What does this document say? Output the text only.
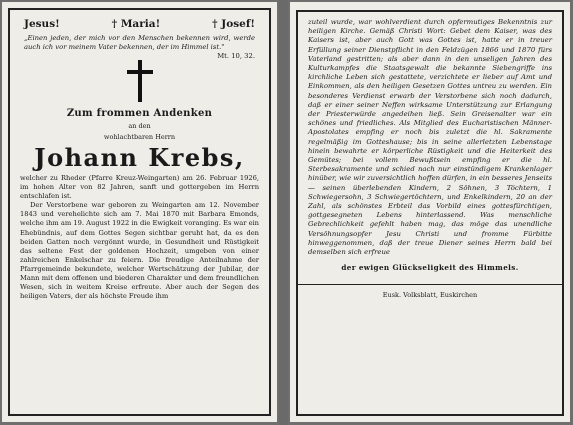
Jesus!	† Maria!	† Josef!
„Einen jeden, der mich vor den Menschen bekennen wird, werde auch ich vor meinem Vater bekennen, der im Himmel ist."
Mt. 10, 32.
Zum frommen Andenken
an den
wohlachtbaren Herrn
Johann Krebs,

welcher zu Rheder (Pfarre Kreuz-Weingarten) am 26. Februar 1926, im hohen Alter von 82 Jahren, sanft und gottergeben im Herrn entschlafen ist.

Der Verstorbene war geboren zu Weingarten am 12. November 1843 und verehelichte sich am 7. Mai 1870 mit Barbara Emonds, welche ihm am 19. August 1922 in die Ewigkeit voranging. Es war ein Ehebündnis, auf dem Gottes Segen sichtbar geruht hat, da es den beiden Gatten noch vergönnt wurde, in Gesundheit und Rüstigkeit das seltene Fest der goldenen Hochzeit, umgeben von einer zahlreichen Enkelschar zu feiern. Die freudige Anteilnahme der Pfarrgemeinde bekundete, welcher Wertschätzung der Jubilar, der Mann mit dem offenen und biederen Charakter und dem freundlichen Wesen, sich in weitem Kreise erfreute. Aber auch der Segen des heiligen Vaters, der als höchste Freude ihm

zuteil wurde, war wohlverdient durch opfermutiges Bekenntnis zur heiligen Kirche. Gemäß Christi Wort: Gebet dem Kaiser, was des Kaisers ist, aber auch Gott was Gottes ist, hatte er in treuer Erfüllung seiner Dienstpflicht in den Feldzügen 1866 und 1870 fürs Vaterland gestritten; als aber dann in den unseligen Jahren des Kulturkampfes die Staatsgewalt die bekannte Siebengriffe ins kirchliche Leben sich gestattete, verzichtete er lieber auf Amt und Einkommen, als den heiligen Gesetzen Gottes untreu zu werden. Ein besonderes Verdienst erwarb der Verstorbene sich noch dadurch, daß er einer seiner Neffen wirksame Unterstützung zur Erlangung der Priesterwürde angedeihen ließ. Sein Greisenalter war ein schönes und friedliches. Als Mitglied des Eucharistischen Männer-Apostolates empfing er noch bis zuletzt die hl. Sakramente regelmäßig im Gotteshause; bis in seine allerletzten Lebenstage hinein bewahrte er körperliche Rüstigkeit und die Heiterkeit des Gemütes; bei vollem Bewußtsein empfing er die hl. Sterbesakramente und schied nach nur einstündigem Krankenlager hinüber, wie wir zuversichtlich hoffen dürfen, in ein besseres Jenseits — seinen überlebenden Kindern, 2 Söhnen, 3 Töchtern, 1 Schwiegersohn, 3 Schwiegertöchtern, und Enkelkindern, 20 an der Zahl, als schönstes Erbteil das Vorbild eines gottesfürchtigen, gottgesegneten Lebens hinterlassend. Was menschliche Gebrechlichkeit gefehlt haben mag, das möge das unendliche Versöhnungsopfer Jesu Christi und fromme Fürbitte hinweggenommen, daß der treue Diener seines Herrn bald bei demselben sich erfreue

der ewigen Glückseligkeit des Himmels.
Eusk. Volksblatt, Euskirchen
